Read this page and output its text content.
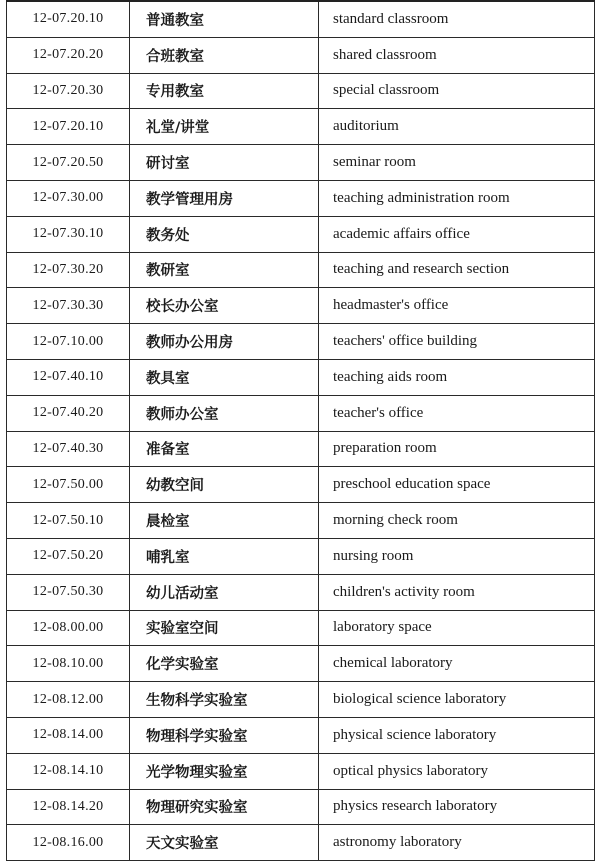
12-07.20.10	普通教室	standard classroom
12-07.20.20	合班教室	shared classroom
12-07.20.30	专用教室	special classroom
12-07.20.10	礼堂/讲堂	auditorium
12-07.20.50	研讨室	seminar room
12-07.30.00	教学管理用房	teaching administration room
12-07.30.10	教务处	academic affairs office
12-07.30.20	教研室	teaching and research section
12-07.30.30	校长办公室	headmaster's office
12-07.10.00	教师办公用房	teachers' office building
12-07.40.10	教具室	teaching aids room
12-07.40.20	教师办公室	teacher's office
12-07.40.30	准备室	preparation room
12-07.50.00	幼教空间	preschool education space
12-07.50.10	晨检室	morning check room
12-07.50.20	哺乳室	nursing room
12-07.50.30	幼儿活动室	children's activity room
12-08.00.00	实验室空间	laboratory space
12-08.10.00	化学实验室	chemical laboratory
12-08.12.00	生物科学实验室	biological science laboratory
12-08.14.00	物理科学实验室	physical science laboratory
12-08.14.10	光学物理实验室	optical physics laboratory
12-08.14.20	物理研究实验室	physics research laboratory
12-08.16.00	天文实验室	astronomy laboratory
